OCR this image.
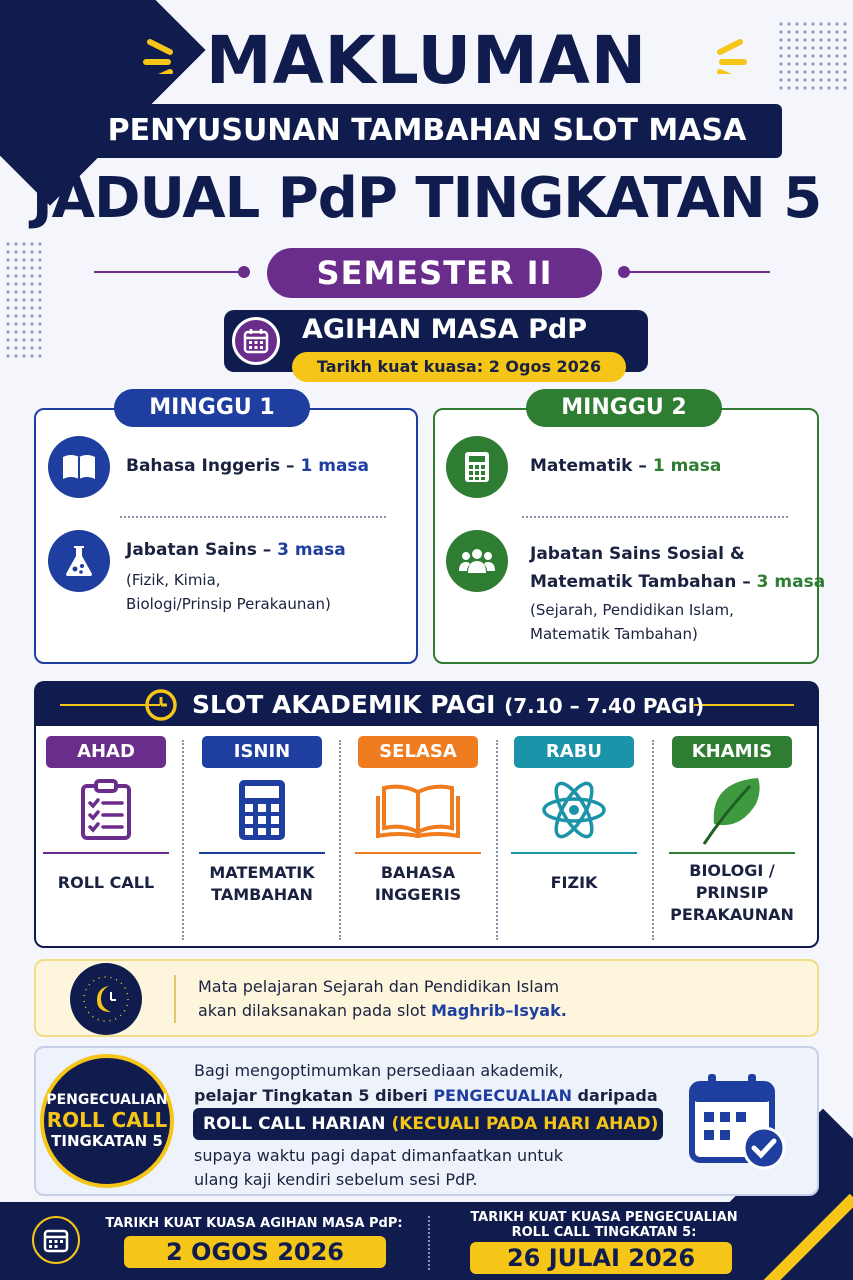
MAKLUMAN
PENYUSUNAN TAMBAHAN SLOT MASA
JADUAL PdP TINGKATAN 5
SEMESTER II
AGIHAN MASA PdP
Tarikh kuat kuasa: 2 Ogos 2026
MINGGU 1
Bahasa Inggeris – 1 masa
Jabatan Sains – 3 masa
(Fizik, Kimia,
Biologi/Prinsip Perakaunan)
MINGGU 2
Matematik – 1 masa
Jabatan Sains Sosial &
Matematik Tambahan – 3 masa
(Sejarah, Pendidikan Islam,
Matematik Tambahan)
SLOT AKADEMIK PAGI (7.10 – 7.40 PAGI)
AHAD
ROLL CALL
ISNIN
MATEMATIK
TAMBAHAN
SELASA
BAHASA
INGGERIS
RABU
FIZIK
KHAMIS
BIOLOGI /
PRINSIP
PERAKAUNAN
Mata pelajaran Sejarah dan Pendidikan Islam
akan dilaksanakan pada slot Maghrib–Isyak.
PENGECUALIAN
ROLL CALL
TINGKATAN 5
Bagi mengoptimumkan persediaan akademik,
pelajar Tingkatan 5 diberi PENGECUALIAN daripada
ROLL CALL HARIAN (KECUALI PADA HARI AHAD)
supaya waktu pagi dapat dimanfaatkan untuk
ulang kaji kendiri sebelum sesi PdP.
TARIKH KUAT KUASA AGIHAN MASA PdP:
2 OGOS 2026
TARIKH KUAT KUASA PENGECUALIAN
ROLL CALL TINGKATAN 5:
26 JULAI 2026
